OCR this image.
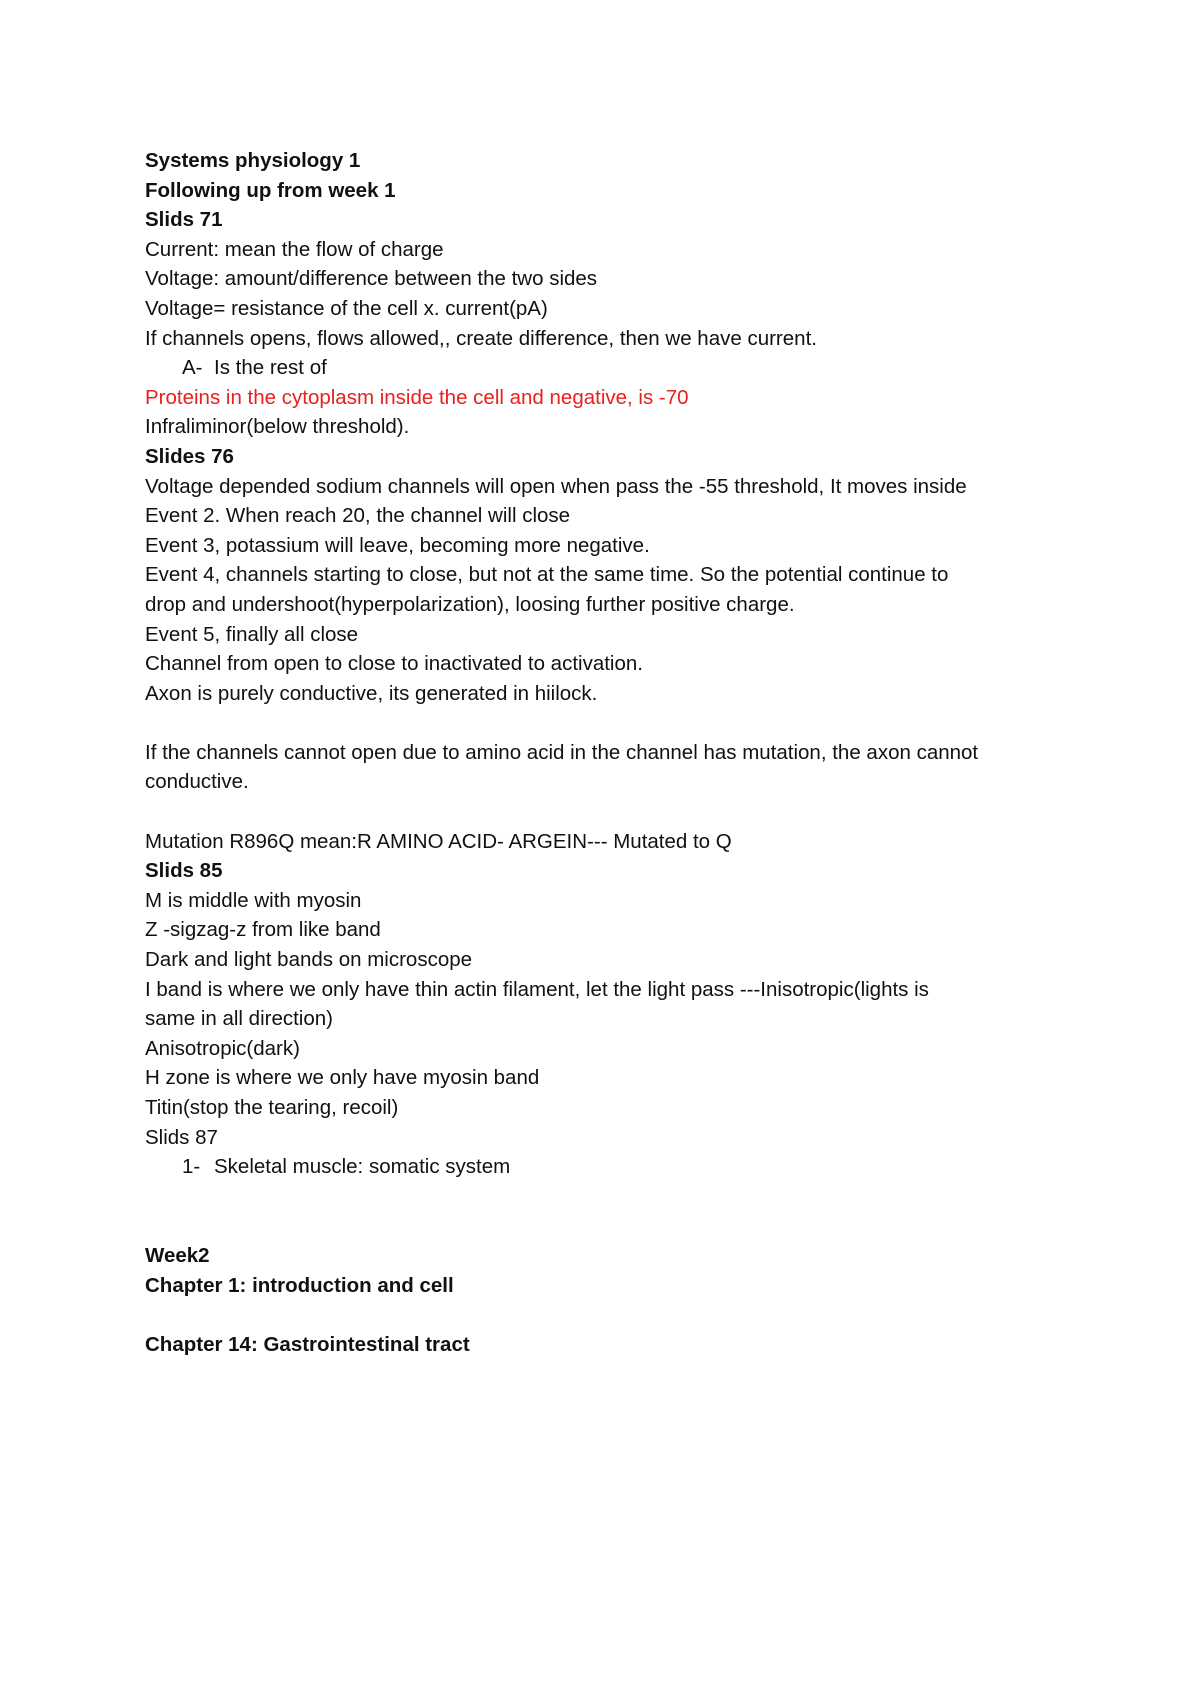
Systems physiology 1
Following up from week 1
Slids 71
Current: mean the flow of charge
Voltage: amount/difference between the two sides
Voltage= resistance of the cell x. current(pA)
If channels opens, flows allowed,, create difference, then we have current.
A- Is the rest of
Proteins in the cytoplasm inside the cell and negative, is -70
Infraliminor(below threshold).
Slides 76
Voltage depended sodium channels will open when pass the -55 threshold, It moves inside
Event 2. When reach 20, the channel will close
Event 3, potassium will leave, becoming more negative.
Event 4, channels starting to close, but not at the same time. So the potential continue to
drop and undershoot(hyperpolarization), loosing further positive charge.
Event 5, finally all close
Channel from open to close to inactivated to activation.
Axon is purely conductive, its generated in hiilock.
If the channels cannot open due to amino acid in the channel has mutation, the axon cannot
conductive.
Mutation R896Q mean:R AMINO ACID- ARGEIN--- Mutated to Q
Slids 85
M is middle with myosin
Z -sigzag-z from like band
Dark and light bands on microscope
I band is where we only have thin actin filament, let the light pass ---Inisotropic(lights is
same in all direction)
Anisotropic(dark)
H zone is where we only have myosin band
Titin(stop the tearing, recoil)
Slids 87
1- Skeletal muscle: somatic system
Week2
Chapter 1: introduction and cell
Chapter 14: Gastrointestinal tract
